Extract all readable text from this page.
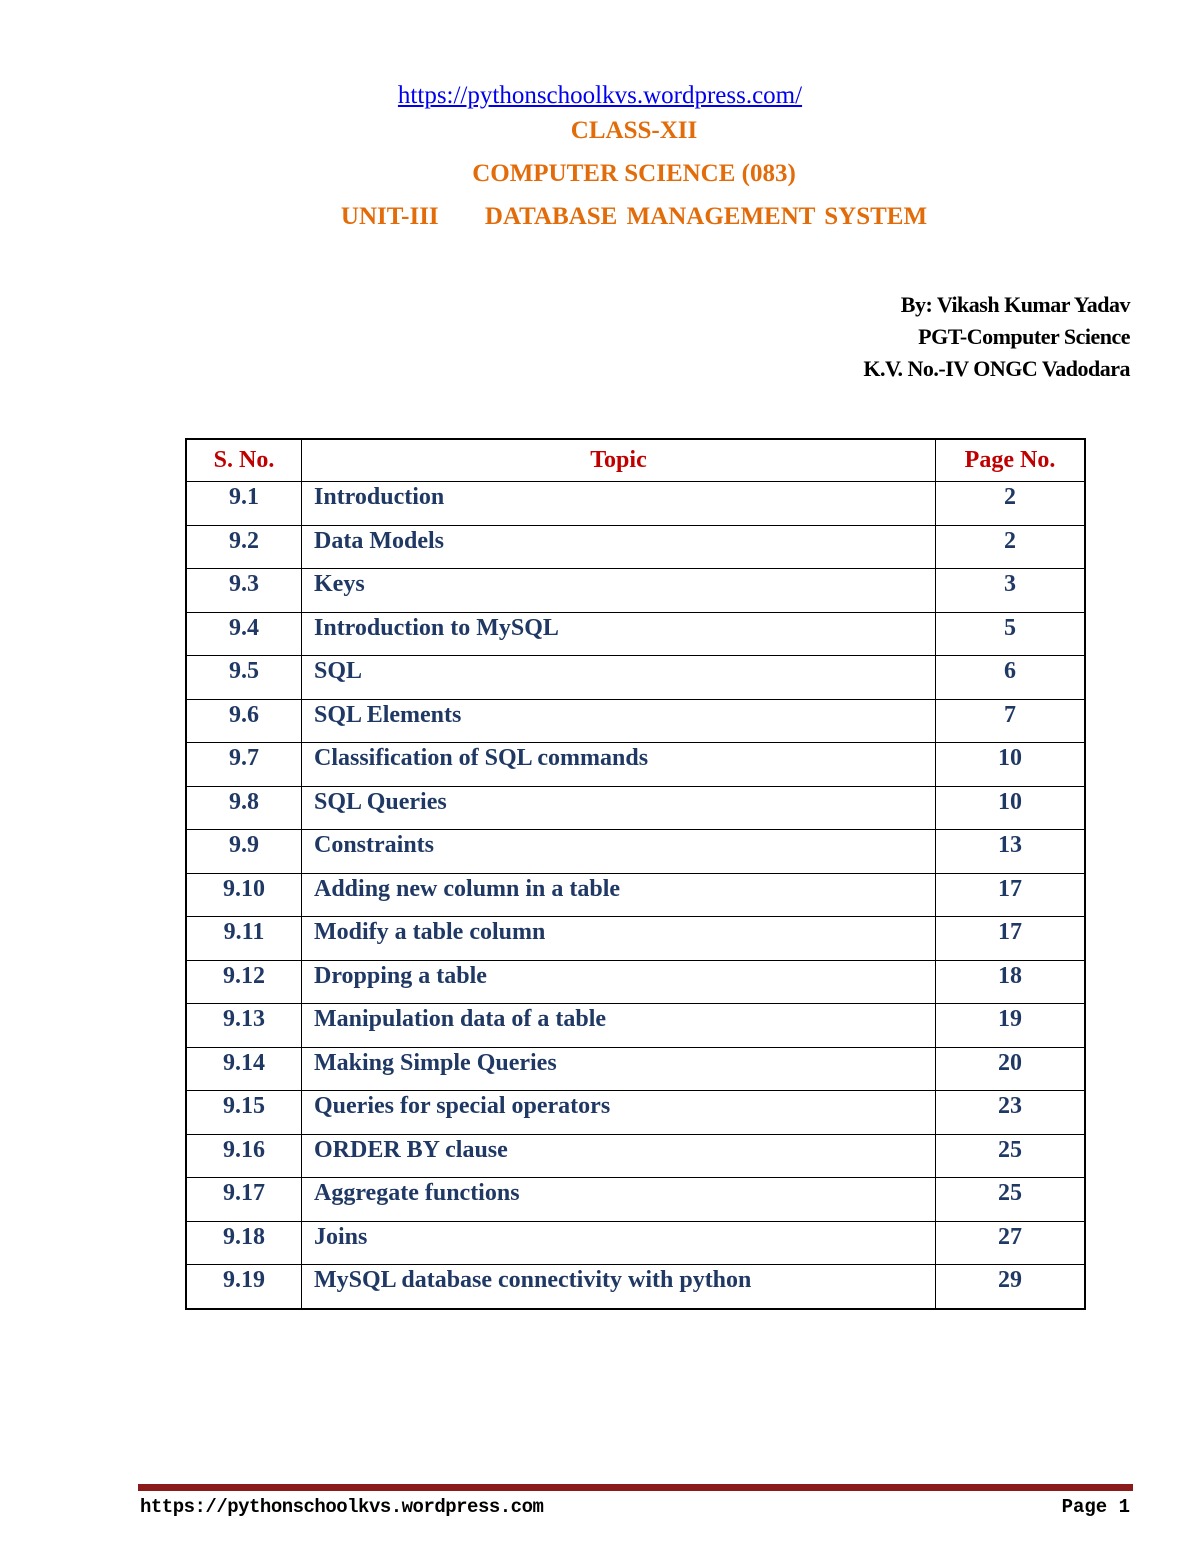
https://pythonschoolkvs.wordpress.com/
CLASS-XII
COMPUTER SCIENCE (083)
UNIT-III     DATABASE MANAGEMENT SYSTEM
By: Vikash Kumar Yadav
PGT-Computer Science
K.V. No.-IV ONGC Vadodara
S. No.	Topic	Page No.
9.1	Introduction	2
9.2	Data Models	2
9.3	Keys	3
9.4	Introduction to MySQL	5
9.5	SQL	6
9.6	SQL Elements	7
9.7	Classification of SQL commands	10
9.8	SQL Queries	10
9.9	Constraints	13
9.10	Adding new column in a table	17
9.11	Modify a table column	17
9.12	Dropping a table	18
9.13	Manipulation data of a table	19
9.14	Making Simple Queries	20
9.15	Queries for special operators	23
9.16	ORDER BY clause	25
9.17	Aggregate functions	25
9.18	Joins	27
9.19	MySQL database connectivity with python	29
https://pythonschoolkvs.wordpress.com	Page 1
